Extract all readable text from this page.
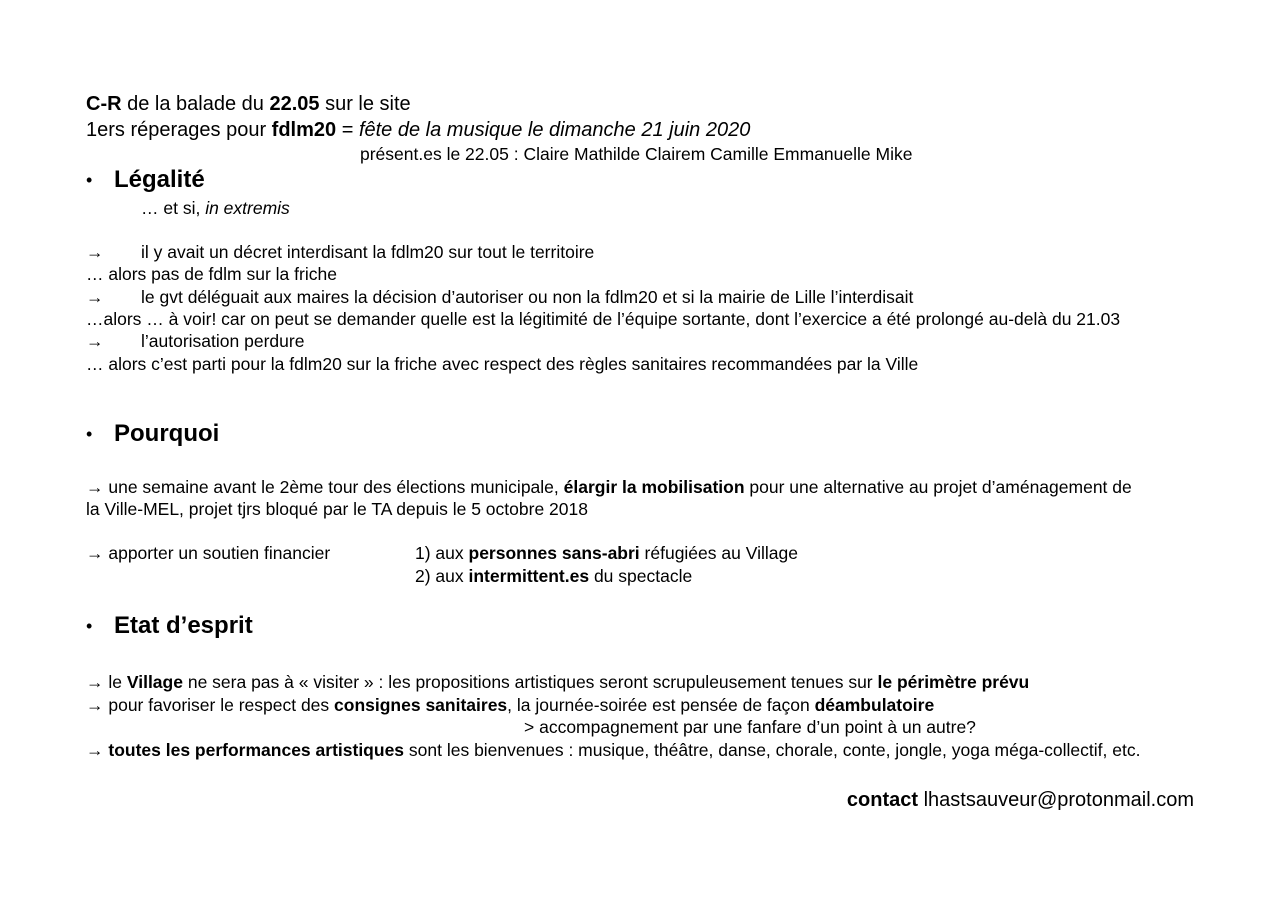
C-R de la balade du 22.05 sur le site
1ers réperages pour fdlm20 = fête de la musique le dimanche 21 juin 2020
présent.es le 22.05 : Claire Mathilde Clairem Camille Emmanuelle Mike
• Légalité
… et si, in extremis
→ il y avait un décret interdisant la fdlm20 sur tout le territoire
… alors pas de fdlm sur la friche
→ le gvt déléguait aux maires la décision d’autoriser ou non la fdlm20 et si la mairie de Lille l’interdisait
…alors … à voir! car on peut se demander quelle est la légitimité de l’équipe sortante, dont l’exercice a été prolongé au-delà du 21.03
→ l’autorisation perdure
… alors c’est parti pour la fdlm20 sur la friche avec respect des règles sanitaires recommandées par la Ville
• Pourquoi
→ une semaine avant le 2ème tour des élections municipale, élargir la mobilisation pour une alternative au projet d’aménagement de
la Ville-MEL, projet tjrs bloqué par le TA depuis le 5 octobre 2018
→ apporter un soutien financier	1) aux personnes sans-abri réfugiées au Village
2) aux intermittent.es du spectacle
• Etat d’esprit
→ le Village ne sera pas à « visiter » : les propositions artistiques seront scrupuleusement tenues sur le périmètre prévu
→ pour favoriser le respect des consignes sanitaires, la journée-soirée est pensée de façon déambulatoire
> accompagnement par une fanfare d’un point à un autre?
→ toutes les performances artistiques sont les bienvenues : musique, théâtre, danse, chorale, conte, jongle, yoga méga-collectif, etc.
contact lhastsauveur@protonmail.com
